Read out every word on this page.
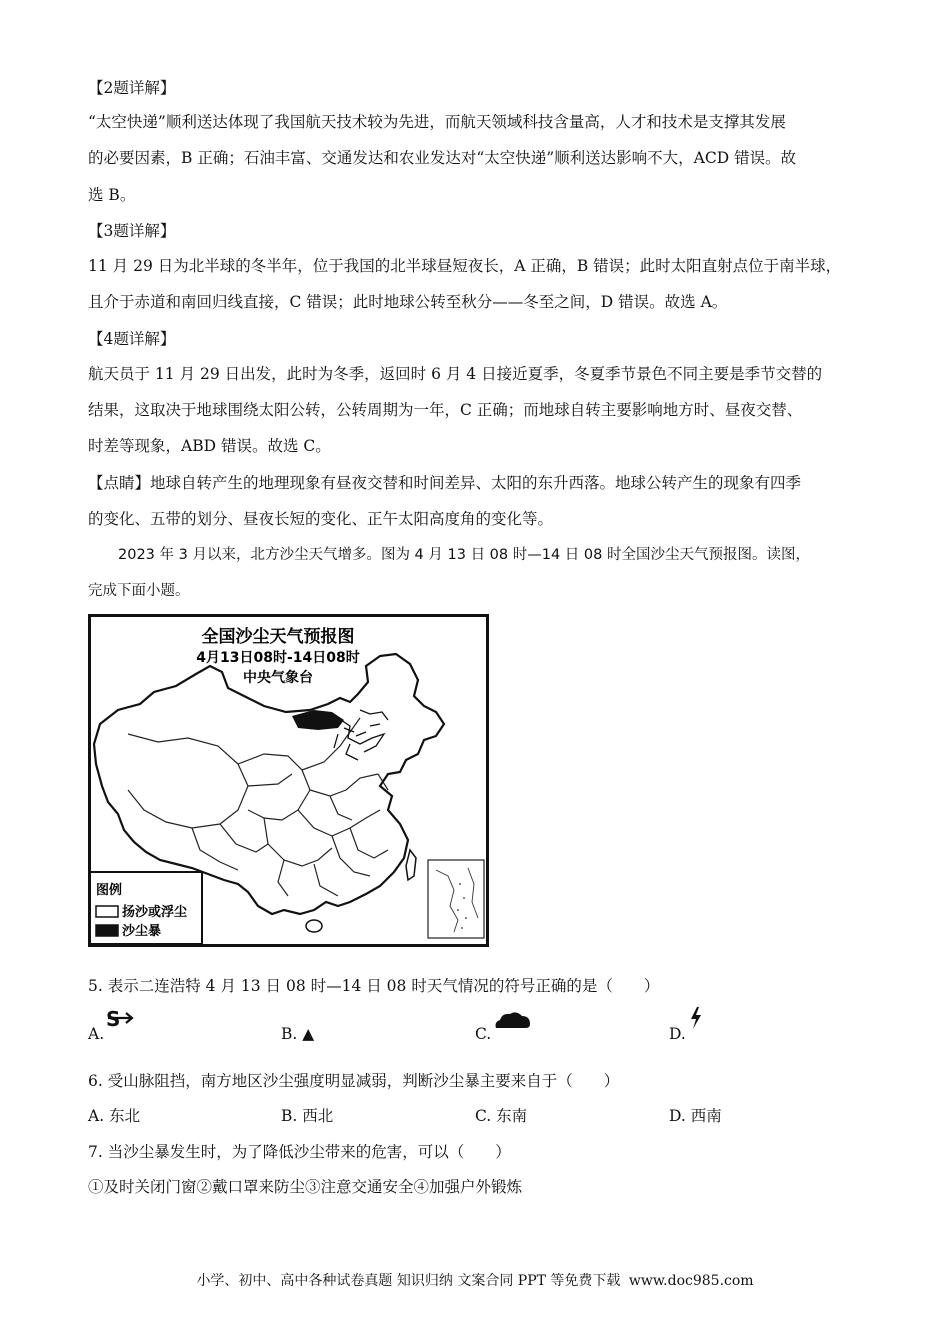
【2题详解】
“太空快递”顺利送达体现了我国航天技术较为先进，而航天领域科技含量高，人才和技术是支撑其发展
的必要因素，B 正确；石油丰富、交通发达和农业发达对“太空快递”顺利送达影响不大，ACD 错误。故
选 B。
【3题详解】
11 月 29 日为北半球的冬半年，位于我国的北半球昼短夜长，A 正确，B 错误；此时太阳直射点位于南半球，
且介于赤道和南回归线直接，C 错误；此时地球公转至秋分——冬至之间，D 错误。故选 A。
【4题详解】
航天员于 11 月 29 日出发，此时为冬季，返回时 6 月 4 日接近夏季，冬夏季节景色不同主要是季节交替的
结果，这取决于地球围绕太阳公转，公转周期为一年，C 正确；而地球自转主要影响地方时、昼夜交替、
时差等现象，ABD 错误。故选 C。
【点睛】地球自转产生的地理现象有昼夜交替和时间差异、太阳的东升西落。地球公转产生的现象有四季
的变化、五带的划分、昼夜长短的变化、正午太阳高度角的变化等。
2023 年 3 月以来，北方沙尘天气增多。图为 4 月 13 日 08 时—14 日 08 时全国沙尘天气预报图。读图，
完成下面小题。
全国沙尘天气预报图
4月13日08时-14日08时
中央气象台
图例
扬沙或浮尘
沙尘暴
5. 表示二连浩特 4 月 13 日 08 时—14 日 08 时天气情况的符号正确的是（　　）
A.
S
B. ▲	C.	D.
6. 受山脉阻挡，南方地区沙尘强度明显减弱，判断沙尘暴主要来自于（　　）
A. 东北	B. 西北	C. 东南	D. 西南
7. 当沙尘暴发生时，为了降低沙尘带来的危害，可以（　　）
①及时关闭门窗②戴口罩来防尘③注意交通安全④加强户外锻炼
小学、初中、高中各种试卷真题 知识归纳 文案合同 PPT 等免费下载 www.doc985.com
